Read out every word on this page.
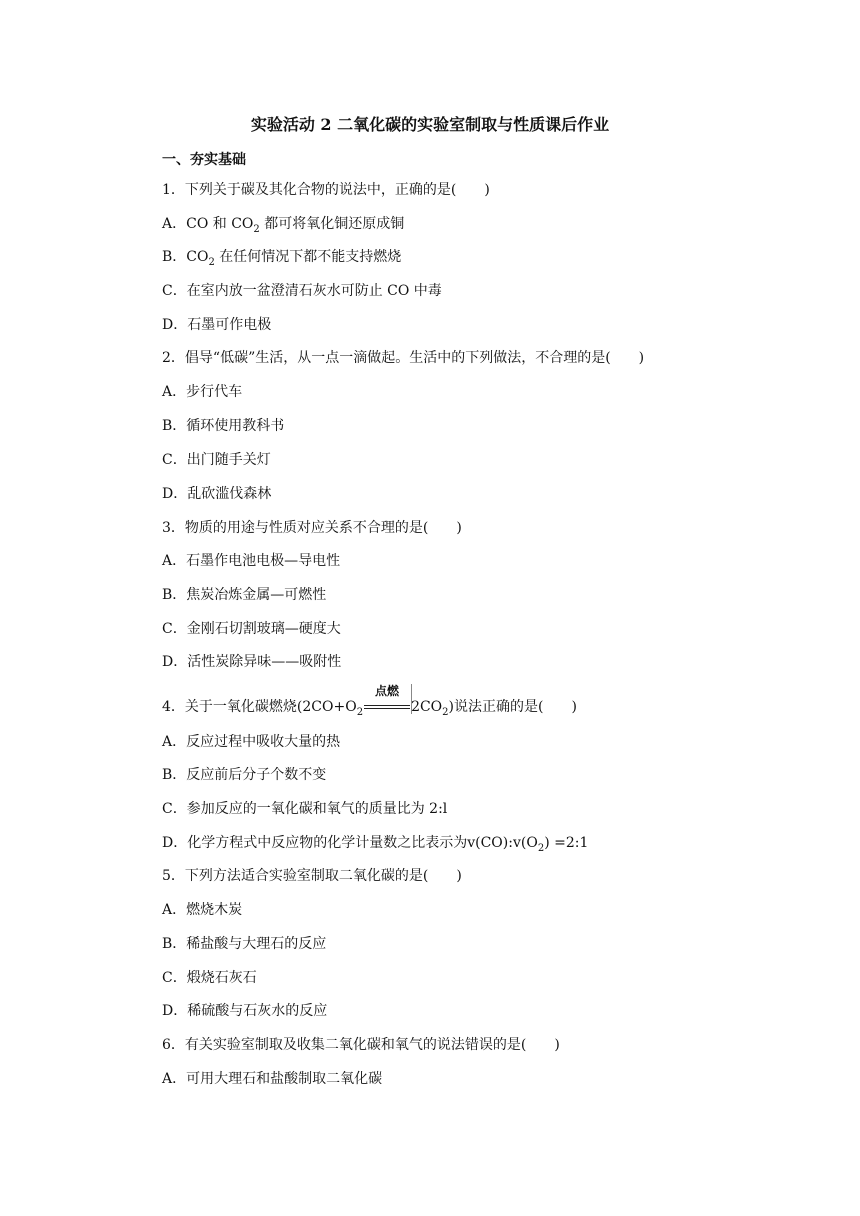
实验活动 2 二氧化碳的实验室制取与性质课后作业
一、夯实基础
1．下列关于碳及其化合物的说法中，正确的是(　　)
A．CO 和 $CO_2$ 都可将氧化铜还原成铜
B．$CO_2$ 在任何情况下都不能支持燃烧
C．在室内放一盆澄清石灰水可防止 CO 中毒
D．石墨可作电极
2．倡导“低碳”生活，从一点一滴做起。生活中的下列做法，不合理的是(　　)
A．步行代车
B．循环使用教科书
C．出门随手关灯
D．乱砍滥伐森林
3．物质的用途与性质对应关系不合理的是(　　)
A．石墨作电池电极—导电性
B．焦炭冶炼金属—可燃性
C．金刚石切割玻璃—硬度大
D．活性炭除异味——吸附性
4．关于一氧化碳燃烧($2CO+O_2$
点燃
$2CO_2$)说法正确的是(　　)
A．反应过程中吸收大量的热
B．反应前后分子个数不变
C．参加反应的一氧化碳和氧气的质量比为 2:l
D．化学方程式中反应物的化学计量数之比表示为$v(CO):v(O_2)$ =2:1
5．下列方法适合实验室制取二氧化碳的是(　　)
A．燃烧木炭
B．稀盐酸与大理石的反应
C．煅烧石灰石
D．稀硫酸与石灰水的反应
6．有关实验室制取及收集二氧化碳和氧气的说法错误的是(　　)
A．可用大理石和盐酸制取二氧化碳
